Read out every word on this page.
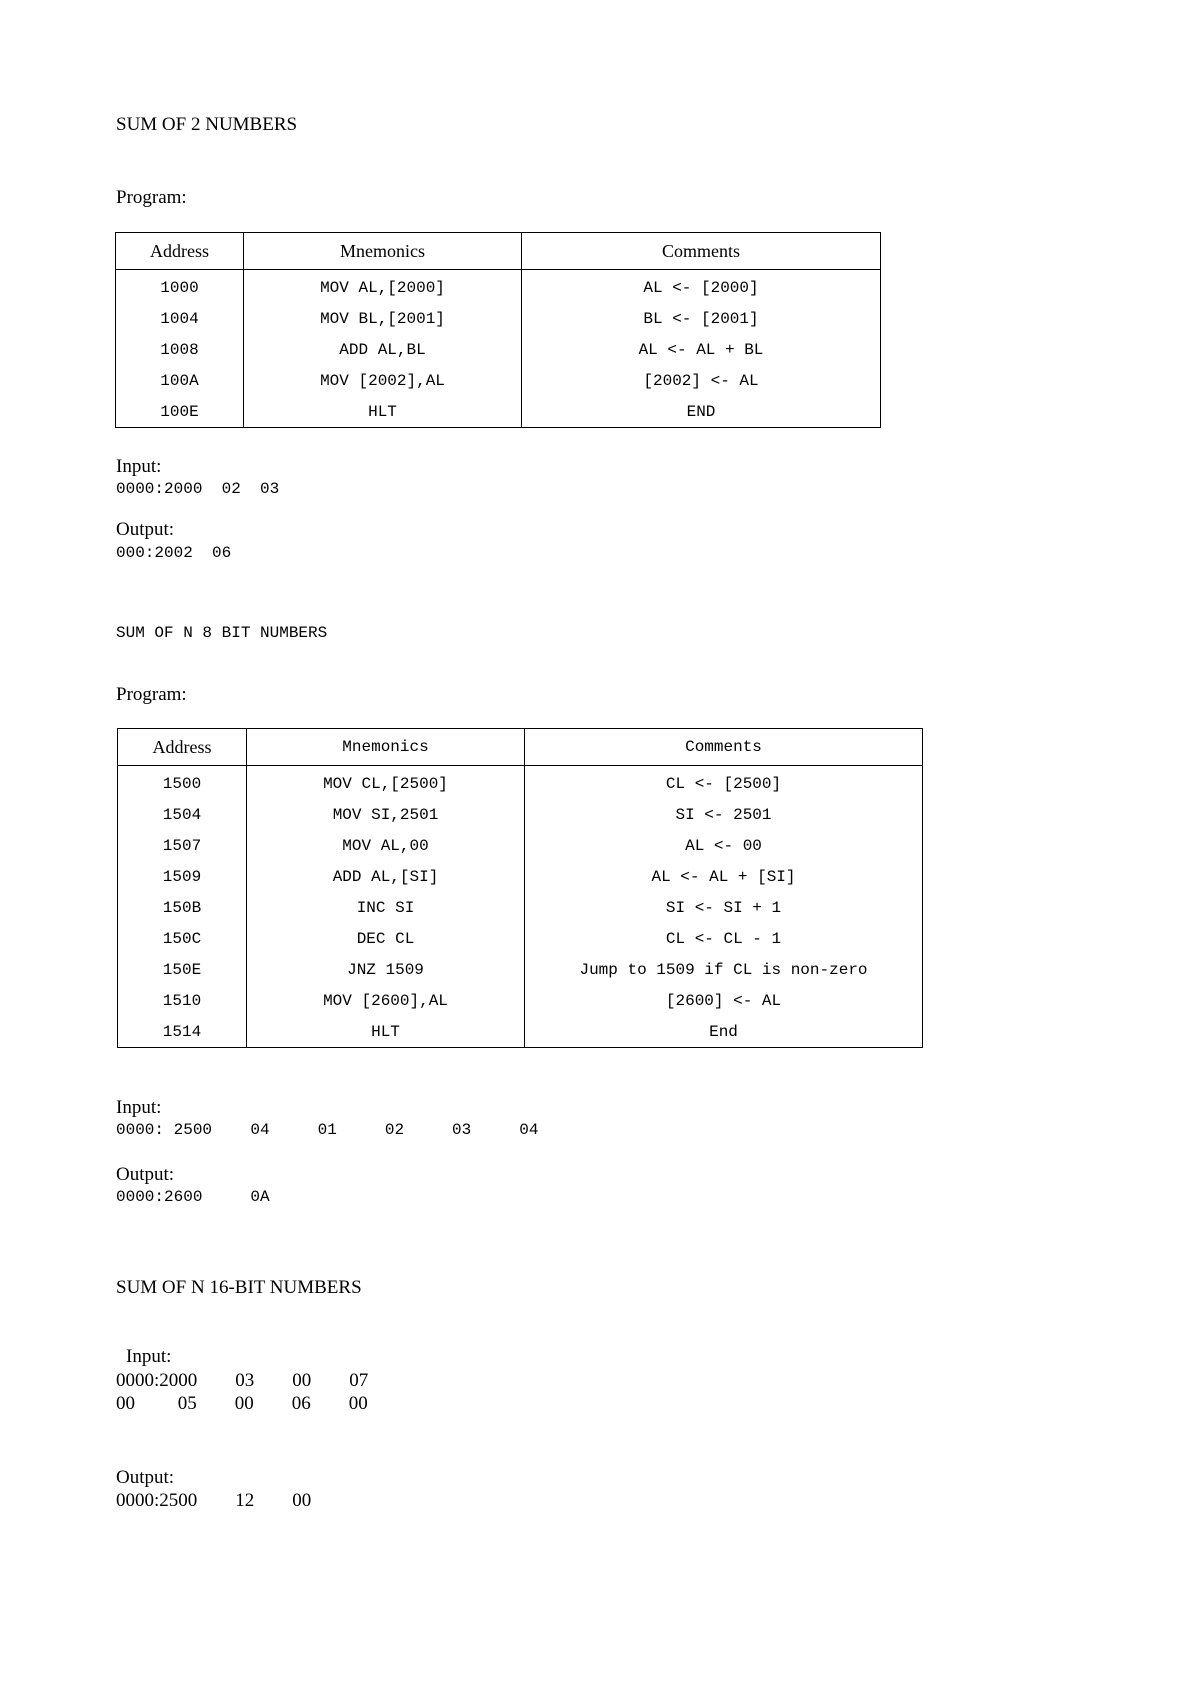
SUM OF 2 NUMBERS
Program:
Address	Mnemonics	Comments
1000	MOV AL,[2000]	AL <- [2000]
1004	MOV BL,[2001]	BL <- [2001]
1008	ADD AL,BL	AL <- AL + BL
100A	MOV [2002],AL	[2002] <- AL
100E	HLT	END
Input:
0000:2000  02  03
Output:
000:2002  06
SUM OF N 8 BIT NUMBERS
Program:
Address	Mnemonics	Comments
1500	MOV CL,[2500]	CL <- [2500]
1504	MOV SI,2501	SI <- 2501
1507	MOV AL,00	AL <- 00
1509	ADD AL,[SI]	AL <- AL + [SI]
150B	INC SI	SI <- SI + 1
150C	DEC CL	CL <- CL - 1
150E	JNZ 1509	Jump to 1509 if CL is non-zero
1510	MOV [2600],AL	[2600] <- AL
1514	HLT	End
Input:
0000: 2500    04     01     02     03     04
Output:
0000:2600     0A
SUM OF N 16-BIT NUMBERS
Input:
0000:2000        03        00        07
00         05        00        06        00
Output:
0000:2500        12        00
